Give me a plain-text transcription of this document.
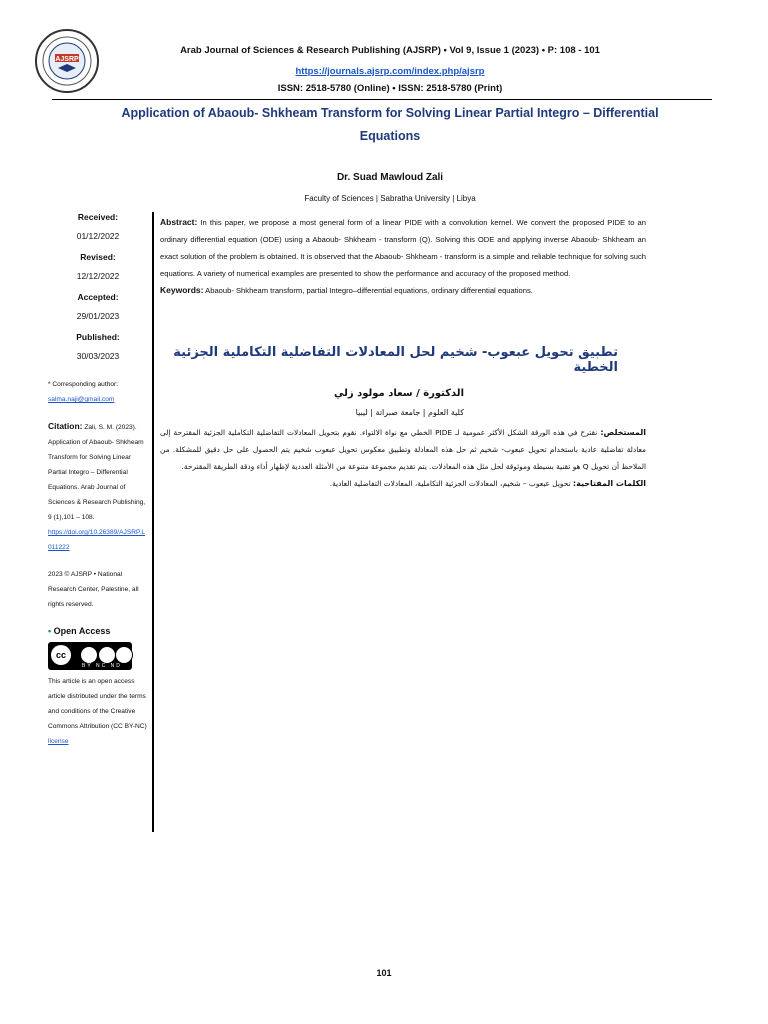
AJSRP
Arab Journal of Sciences & Research Publishing (AJSRP) • Vol 9, Issue 1 (2023) • P: 108 - 101
https://journals.ajsrp.com/index.php/ajsrp
ISSN: 2518-5780 (Online) • ISSN: 2518-5780 (Print)
Application of Abaoub- Shkheam Transform for Solving Linear Partial Integro – Differential Equations
Dr. Suad Mawloud Zali
Faculty of Sciences | Sabratha University | Libya
Received:
01/12/2022
Revised:
12/12/2022
Accepted:
29/01/2023
Published:
30/03/2023
* Corresponding author:
salma.naji@gmail.com
Citation: Zali, S. M. (2023). Application of Abaoub- Shkheam Transform for Solving Linear Partial Integro – Differential Equations. Arab Journal of Sciences & Research Publishing, 9 (1),101 – 108.
https://doi.org/10.26389/AJSRP.L011222
2023 © AJSRP • National Research Center, Palestine, all rights reserved.
• Open Access
cc
BY NC ND
This article is an open access article distributed under the terms and conditions of the Creative Commons Attribution (CC BY-NC) license
Abstract: In this paper, we propose a most general form of a linear PIDE with a convolution kernel. We convert the proposed PIDE to an ordinary differential equation (ODE) using a Abaoub- Shkheam - transform (Q). Solving this ODE and applying inverse Abaoub- Shkheam an exact solution of the problem is obtained. It is observed that the Abaoub- Shkheam - transform is a simple and reliable technique for solving such equations. A variety of numerical examples are presented to show the performance and accuracy of the proposed method.
Keywords: Abaoub- Shkheam transform, partial Integro–differential equations, ordinary differential equations.
تطبيق تحويل عبعوب- شخيم لحل المعادلات التفاضلية التكاملية الجزئية الخطية
الدكتورة / سعاد مولود زلي
كلية العلوم | جامعة صبراتة | ليبيا
المستخلص: نقترح في هذه الورقة الشكل الأكثر عمومية لـ PIDE الخطي مع نواة الالتواء. نقوم بتحويل المعادلات التفاضلية التكاملية الجزئية المقترحة إلى معادلة تفاضلية عادية باستخدام تحويل عبعوب- شخيم ثم حل هذه المعادلة وتطبيق معكوس تحويل عبعوب شخيم يتم الحصول على حل دقيق للمشكلة. من الملاحظ أن تحويل Q هو تقنية بسيطة وموثوقة لحل مثل هذه المعادلات. يتم تقديم مجموعة متنوعة من الأمثلة العددية لإظهار أداء ودقة الطريقة المقترحة.
الكلمات المفتاحية: تحويل عبعوب – شخيم، المعادلات الجزئية التكاملية، المعادلات التفاضلية العادية.
101
